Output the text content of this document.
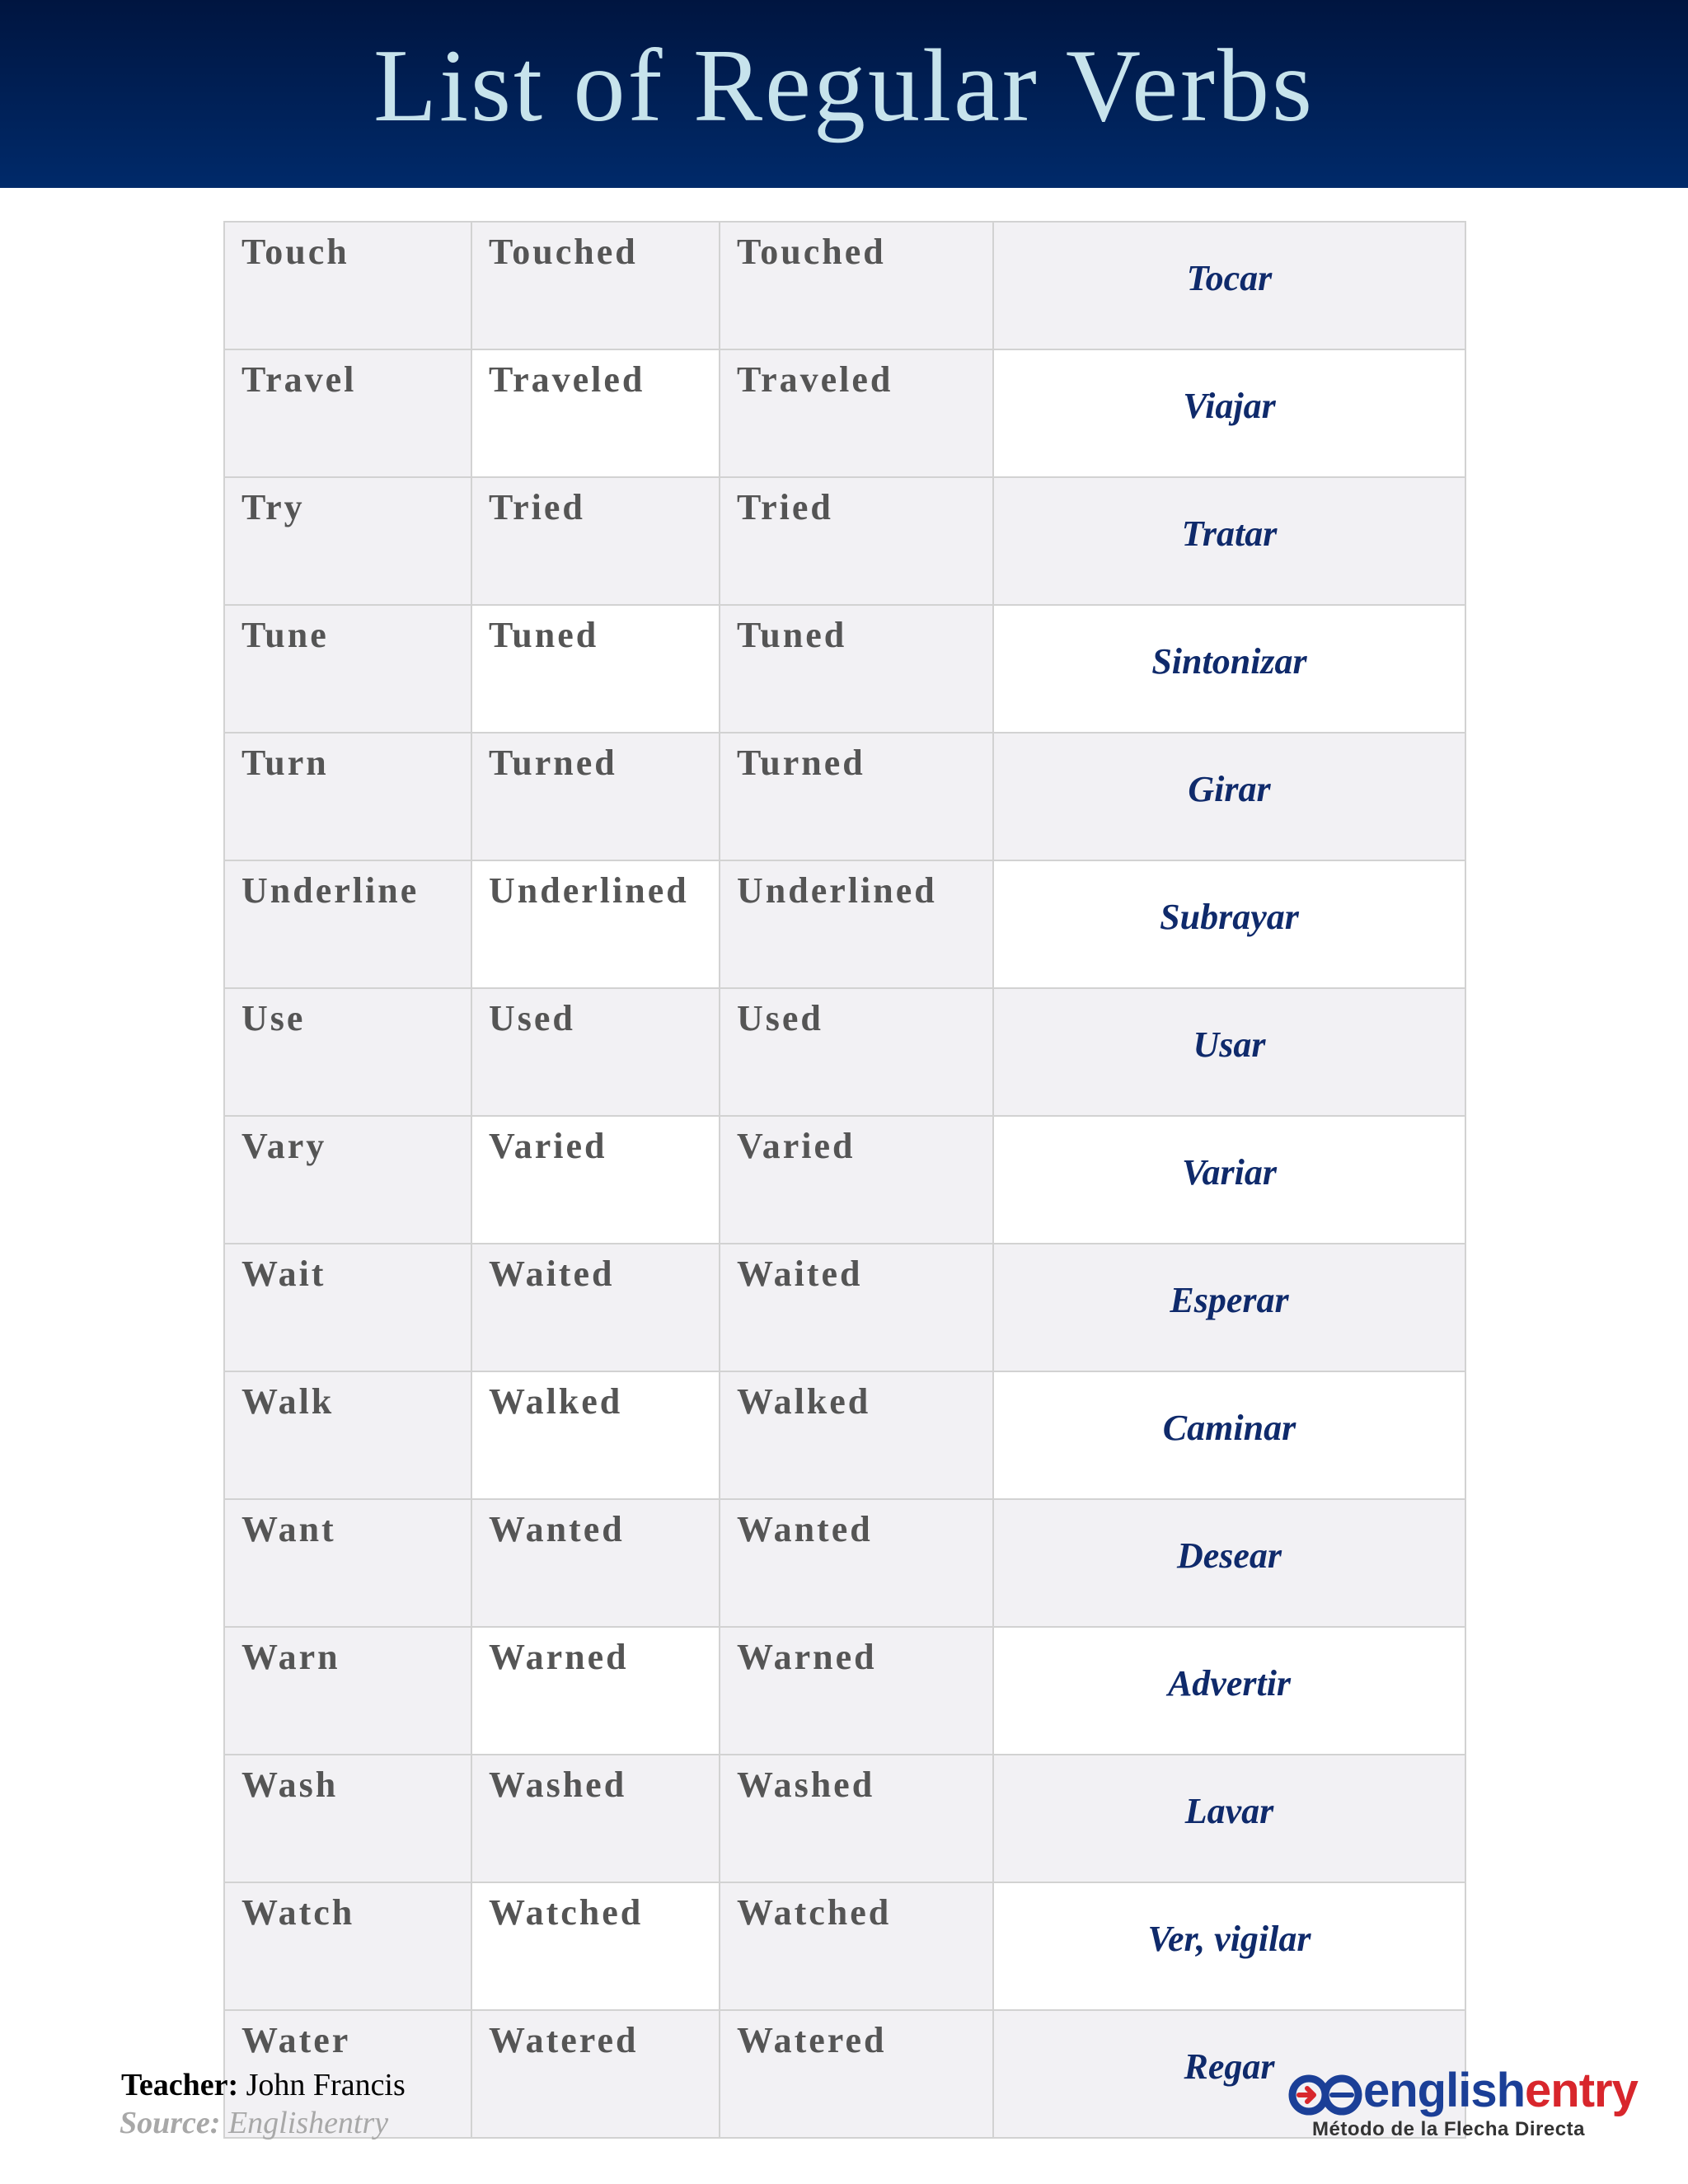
List of Regular Verbs
Touch	Touched	Touched	Tocar
Travel	Traveled	Traveled	Viajar
Try	Tried	Tried	Tratar
Tune	Tuned	Tuned	Sintonizar
Turn	Turned	Turned	Girar
Underline	Underlined	Underlined	Subrayar
Use	Used	Used	Usar
Vary	Varied	Varied	Variar
Wait	Waited	Waited	Esperar
Walk	Walked	Walked	Caminar
Want	Wanted	Wanted	Desear
Warn	Warned	Warned	Advertir
Wash	Washed	Washed	Lavar
Watch	Watched	Watched	Ver, vigilar
Water	Watered	Watered	Regar
Teacher: John Francis
Source: Englishentry
englishentry
Método de la Flecha Directa
